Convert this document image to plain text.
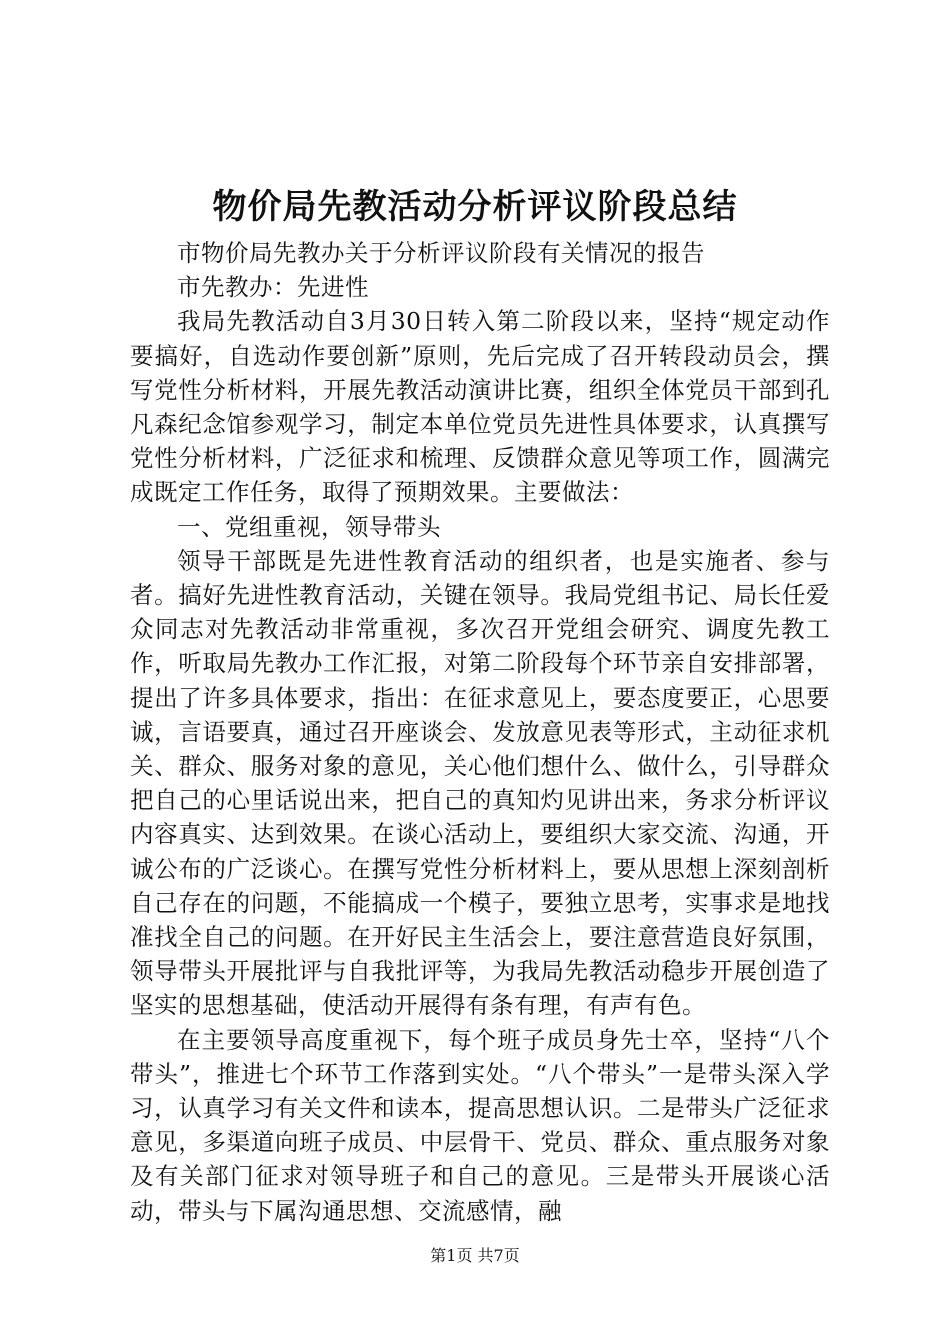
物价局先教活动分析评议阶段总结

市物价局先教办关于分析评议阶段有关情况的报告

市先教办：先进性

我局先教活动自3月30日转入第二阶段以来，坚持“规定动作要搞好，自选动作要创新”原则，先后完成了召开转段动员会，撰写党性分析材料，开展先教活动演讲比赛，组织全体党员干部到孔凡森纪念馆参观学习，制定本单位党员先进性具体要求，认真撰写党性分析材料，广泛征求和梳理、反馈群众意见等项工作，圆满完成既定工作任务，取得了预期效果。主要做法：

一、党组重视，领导带头

领导干部既是先进性教育活动的组织者，也是实施者、参与者。搞好先进性教育活动，关键在领导。我局党组书记、局长任爱众同志对先教活动非常重视，多次召开党组会研究、调度先教工作，听取局先教办工作汇报，对第二阶段每个环节亲自安排部署，提出了许多具体要求，指出：在征求意见上，要态度要正，心思要诚，言语要真，通过召开座谈会、发放意见表等形式，主动征求机关、群众、服务对象的意见，关心他们想什么、做什么，引导群众把自己的心里话说出来，把自己的真知灼见讲出来，务求分析评议内容真实、达到效果。在谈心活动上，要组织大家交流、沟通，开诚公布的广泛谈心。在撰写党性分析材料上，要从思想上深刻剖析自己存在的问题，不能搞成一个模子，要独立思考，实事求是地找准找全自己的问题。在开好民主生活会上，要注意营造良好氛围，领导带头开展批评与自我批评等，为我局先教活动稳步开展创造了坚实的思想基础，使活动开展得有条有理，有声有色。

在主要领导高度重视下，每个班子成员身先士卒，坚持“八个带头”，推进七个环节工作落到实处。“八个带头”一是带头深入学习，认真学习有关文件和读本，提高思想认识。二是带头广泛征求意见，多渠道向班子成员、中层骨干、党员、群众、重点服务对象及有关部门征求对领导班子和自己的意见。三是带头开展谈心活动，带头与下属沟通思想、交流感情，融

第1页 共7页
